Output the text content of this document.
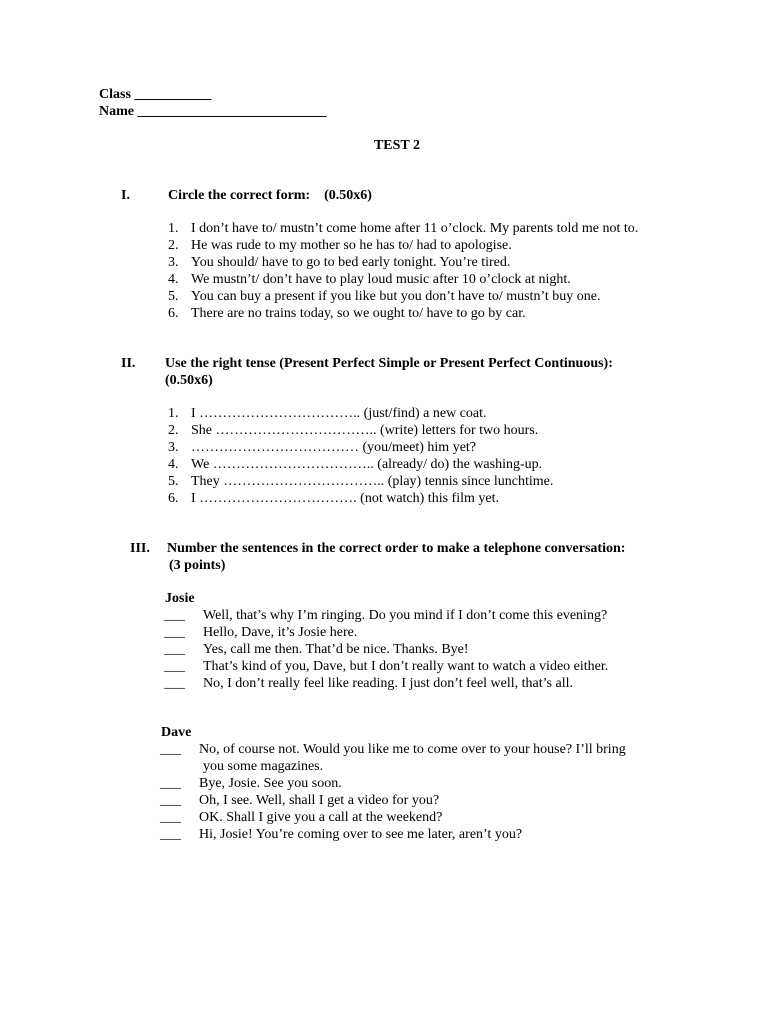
Class ___________
Name ___________________________
TEST 2
I.	Circle the correct form:    (0.50x6)
1. I don’t have to/ mustn’t come home after 11 o’clock. My parents told me not to.
2. He was rude to my mother so he has to/ had to apologise.
3. You should/ have to go to bed early tonight. You’re tired.
4. We mustn’t/ don’t have to play loud music after 10 o’clock at night.
5. You can buy a present if you like but you don’t have to/ mustn’t buy one.
6. There are no trains today, so we ought to/ have to go by car.
II. Use the right tense (Present Perfect Simple or Present Perfect Continuous):
(0.50x6)
1. I …………………………….. (just/find) a new coat.
2. She …………………………….. (write) letters for two hours.
3. ……………………………… (you/meet) him yet?
4. We …………………………….. (already/ do) the washing-up.
5. They …………………………….. (play) tennis since lunchtime.
6. I ……………………………. (not watch) this film yet.
III. Number the sentences in the correct order to make a telephone conversation:
(3 points)
Josie
___ Well, that’s why I’m ringing. Do you mind if I don’t come this evening?
___ Hello, Dave, it’s Josie here.
___ Yes, call me then. That’d be nice. Thanks. Bye!
___ That’s kind of you, Dave, but I don’t really want to watch a video either.
___ No, I don’t really feel like reading. I just don’t feel well, that’s all.
Dave
___ No, of course not. Would you like me to come over to your house? I’ll bring
you some magazines.
___ Bye, Josie. See you soon.
___ Oh, I see. Well, shall I get a video for you?
___ OK. Shall I give you a call at the weekend?
___ Hi, Josie! You’re coming over to see me later, aren’t you?
